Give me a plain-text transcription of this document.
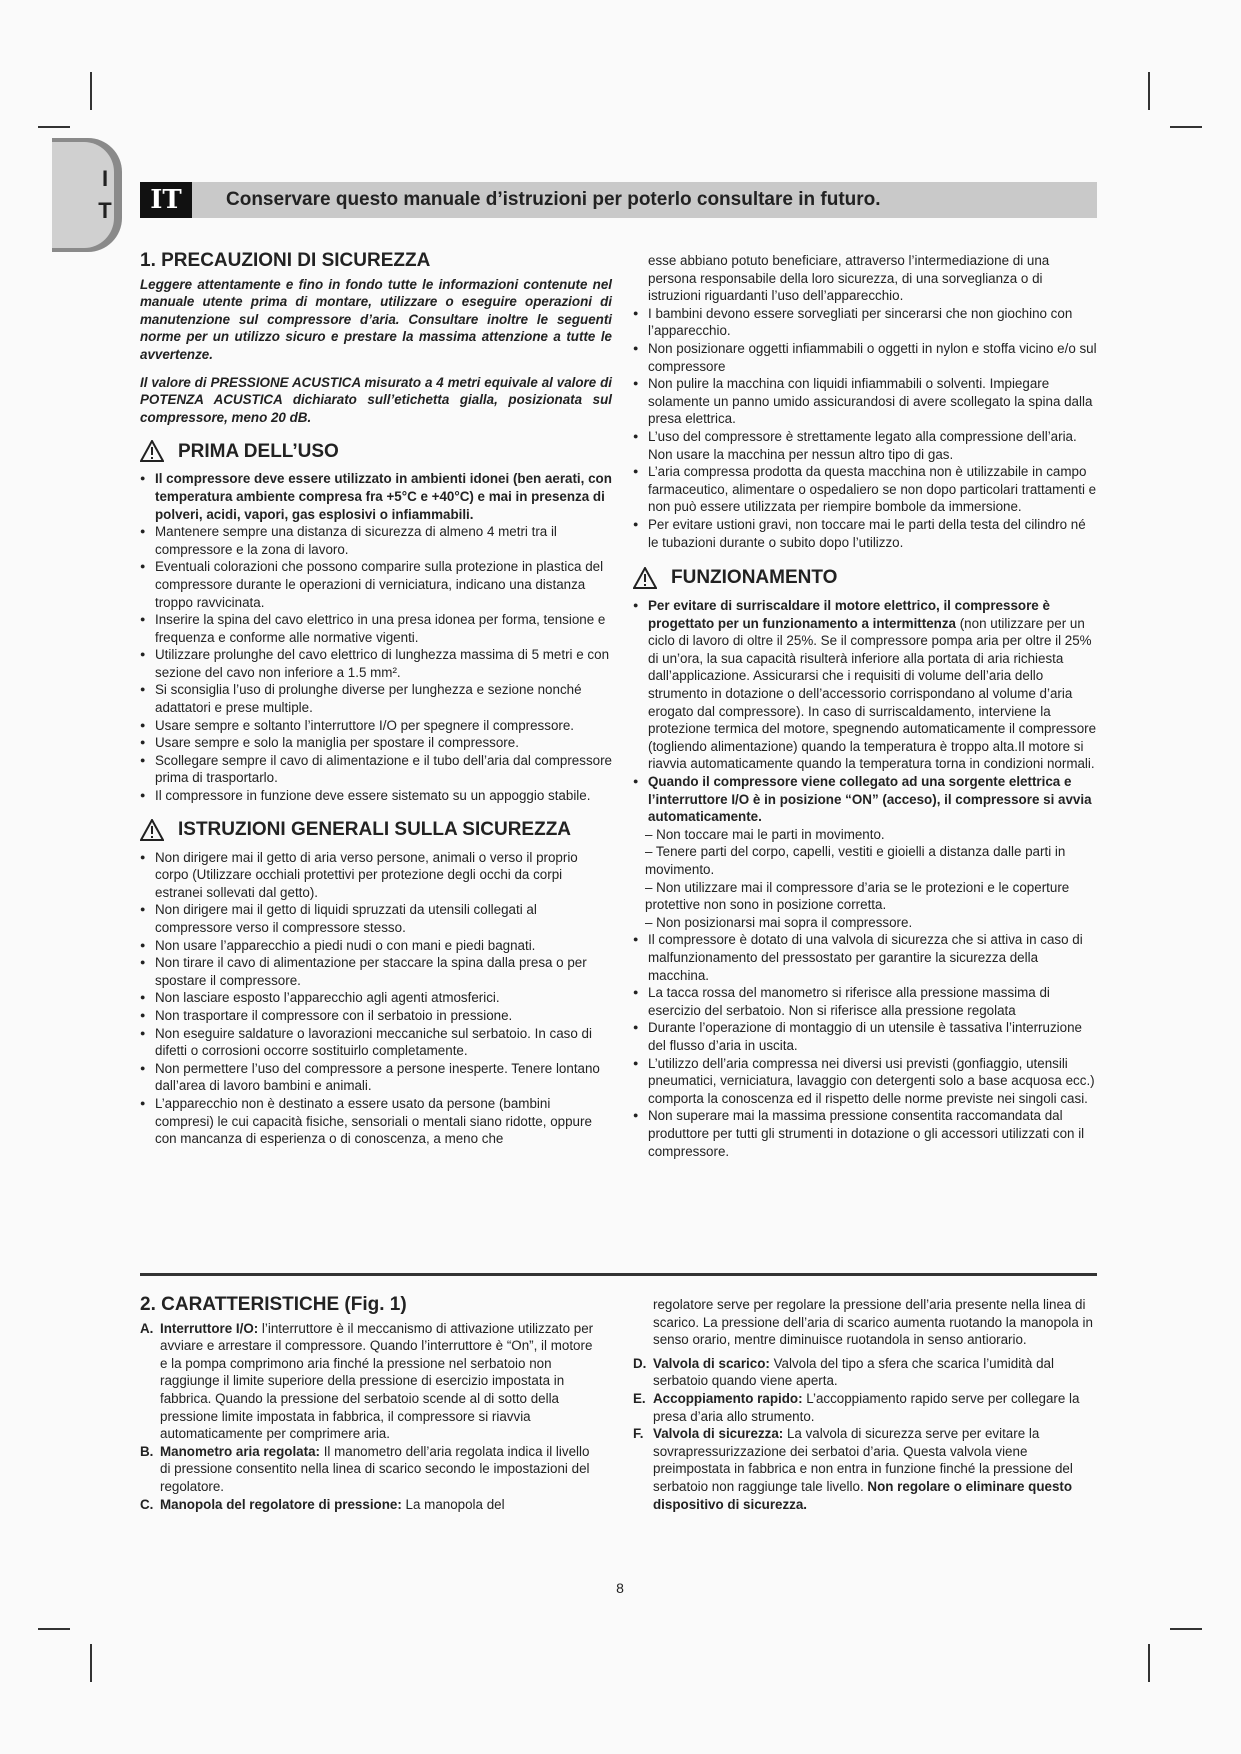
I
T	IT	Conservare questo manuale d’istruzioni per poterlo consultare in futuro.
1. PRECAUZIONI DI SICUREZZA

Leggere attentamente e fino in fondo tutte le informazioni contenute nel manuale utente prima di montare, utilizzare o eseguire operazioni di manutenzione sul compressore d’aria. Consultare inoltre le seguenti norme per un utilizzo sicuro e prestare la massima attenzione a tutte le avvertenze.

Il valore di PRESSIONE ACUSTICA misurato a 4 metri equivale al valore di POTENZA ACUSTICA dichiarato sull’etichetta gialla, posizionata sul compressore, meno 20 dB.

PRIMA DELL’USO
● Il compressore deve essere utilizzato in ambienti idonei (ben aerati, con temperatura ambiente compresa fra +5°C e +40°C) e mai in presenza di polveri, acidi, vapori, gas esplosivi o infiammabili.
● Mantenere sempre una distanza di sicurezza di almeno 4 metri tra il compressore e la zona di lavoro.
● Eventuali colorazioni che possono comparire sulla protezione in plastica del compressore durante le operazioni di verniciatura, indicano una distanza troppo ravvicinata.
● Inserire la spina del cavo elettrico in una presa idonea per forma, tensione e frequenza e conforme alle normative vigenti.
● Utilizzare prolunghe del cavo elettrico di lunghezza massima di 5 metri e con sezione del cavo non inferiore a 1.5 mm².
● Si sconsiglia l’uso di prolunghe diverse per lunghezza e sezione nonché adattatori e prese multiple.
● Usare sempre e soltanto l’interruttore I/O per spegnere il compressore.
● Usare sempre e solo la maniglia per spostare il compressore.
● Scollegare sempre il cavo di alimentazione e il tubo dell’aria dal compressore prima di trasportarlo.
● Il compressore in funzione deve essere sistemato su un appoggio stabile.
ISTRUZIONI GENERALI SULLA SICUREZZA
● Non dirigere mai il getto di aria verso persone, animali o verso il proprio corpo (Utilizzare occhiali protettivi per protezione degli occhi da corpi estranei sollevati dal getto).
● Non dirigere mai il getto di liquidi spruzzati da utensili collegati al compressore verso il compressore stesso.
● Non usare l’apparecchio a piedi nudi o con mani e piedi bagnati.
● Non tirare il cavo di alimentazione per staccare la spina dalla presa o per spostare il compressore.
● Non lasciare esposto l’apparecchio agli agenti atmosferici.
● Non trasportare il compressore con il serbatoio in pressione.
● Non eseguire saldature o lavorazioni meccaniche sul serbatoio. In caso di difetti o corrosioni occorre sostituirlo completamente.
● Non permettere l’uso del compressore a persone inesperte. Tenere lontano dall’area di lavoro bambini e animali.
● L’apparecchio non è destinato a essere usato da persone (bambini compresi) le cui capacità fisiche, sensoriali o mentali siano ridotte, oppure con mancanza di esperienza o di conoscenza, a meno che

esse abbiano potuto beneficiare, attraverso l’intermediazione di una persona responsabile della loro sicurezza, di una sorveglianza o di istruzioni riguardanti l’uso dell’apparecchio.

● I bambini devono essere sorvegliati per sincerarsi che non giochino con l’apparecchio.
● Non posizionare oggetti infiammabili o oggetti in nylon e stoffa vicino e/o sul compressore
● Non pulire la macchina con liquidi infiammabili o solventi. Impiegare solamente un panno umido assicurandosi di avere scollegato la spina dalla presa elettrica.
● L’uso del compressore è strettamente legato alla compressione dell’aria. Non usare la macchina per nessun altro tipo di gas.
● L’aria compressa prodotta da questa macchina non è utilizzabile in campo farmaceutico, alimentare o ospedaliero se non dopo particolari trattamenti e non può essere utilizzata per riempire bombole da immersione.
● Per evitare ustioni gravi, non toccare mai le parti della testa del cilindro né le tubazioni durante o subito dopo l’utilizzo.
FUNZIONAMENTO
● Per evitare di surriscaldare il motore elettrico, il compressore è progettato per un funzionamento a intermittenza (non utilizzare per un ciclo di lavoro di oltre il 25%. Se il compressore pompa aria per oltre il 25% di un’ora, la sua capacità risulterà inferiore alla portata di aria richiesta dall’applicazione. Assicurarsi che i requisiti di volume dell’aria dello strumento in dotazione o dell’accessorio corrispondano al volume d’aria erogato dal compressore). In caso di surriscaldamento, interviene la protezione termica del motore, spegnendo automaticamente il compressore (togliendo alimentazione) quando la temperatura è troppo alta.Il motore si riavvia automaticamente quando la temperatura torna in condizioni normali.
● Quando il compressore viene collegato ad una sorgente elettrica e l’interruttore I/O è in posizione “ON” (acceso), il compressore si avvia automaticamente.
– Non toccare mai le parti in movimento.
– Tenere parti del corpo, capelli, vestiti e gioielli a distanza dalle parti in movimento.
– Non utilizzare mai il compressore d’aria se le protezioni e le coperture protettive non sono in posizione corretta.
– Non posizionarsi mai sopra il compressore.
● Il compressore è dotato di una valvola di sicurezza che si attiva in caso di malfunzionamento del pressostato per garantire la sicurezza della macchina.
● La tacca rossa del manometro si riferisce alla pressione massima di esercizio del serbatoio. Non si riferisce alla pressione regolata
● Durante l’operazione di montaggio di un utensile è tassativa l’interruzione del flusso d’aria in uscita.
● L’utilizzo dell’aria compressa nei diversi usi previsti (gonfiaggio, utensili pneumatici, verniciatura, lavaggio con detergenti solo a base acquosa ecc.) comporta la conoscenza ed il rispetto delle norme previste nei singoli casi.
● Non superare mai la massima pressione consentita raccomandata dal produttore per tutti gli strumenti in dotazione o gli accessori utilizzati con il compressore.
2. CARATTERISTICHE (Fig. 1)

A. Interruttore I/O: l’interruttore è il meccanismo di attivazione utilizzato per avviare e arrestare il compressore. Quando l’interruttore è “On”, il motore e la pompa comprimono aria finché la pressione nel serbatoio non raggiunge il limite superiore della pressione di esercizio impostata in fabbrica. Quando la pressione del serbatoio scende al di sotto della pressione limite impostata in fabbrica, il compressore si riavvia automaticamente per comprimere aria.

B. Manometro aria regolata: Il manometro dell’aria regolata indica il livello di pressione consentito nella linea di scarico secondo le impostazioni del regolatore.

C. Manopola del regolatore di pressione: La manopola del

regolatore serve per regolare la pressione dell’aria presente nella linea di scarico. La pressione dell’aria di scarico aumenta ruotando la manopola in senso orario, mentre diminuisce ruotandola in senso antiorario.

D. Valvola di scarico: Valvola del tipo a sfera che scarica l’umidità dal serbatoio quando viene aperta.

E. Accoppiamento rapido: L’accoppiamento rapido serve per collegare la presa d’aria allo strumento.

F. Valvola di sicurezza: La valvola di sicurezza serve per evitare la sovrapressurizzazione dei serbatoi d’aria. Questa valvola viene preimpostata in fabbrica e non entra in funzione finché la pressione del serbatoio non raggiunge tale livello. Non regolare o eliminare questo dispositivo di sicurezza.

8
